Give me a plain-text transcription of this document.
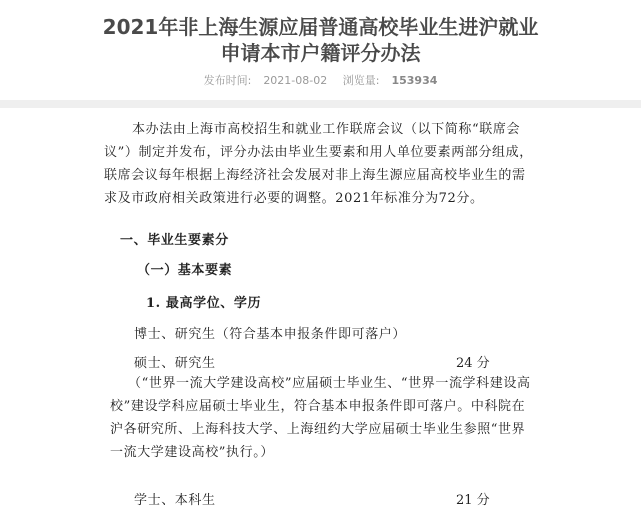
2021年非上海生源应届普通高校毕业生进沪就业
申请本市户籍评分办法
发布时间: 2021-08-02 浏览量: 153934
本办法由上海市高校招生和就业工作联席会议（以下简称“联席会议”）制定并发布，评分办法由毕业生要素和用人单位要素两部分组成，联席会议每年根据上海经济社会发展对非上海生源应届高校毕业生的需求及市政府相关政策进行必要的调整。2021年标准分为72分。
一、毕业生要素分
（一）基本要素
1. 最高学位、学历
博士、研究生（符合基本申报条件即可落户）
硕士、研究生	24 分
（“世界一流大学建设高校”应届硕士毕业生、“世界一流学科建设高校”建设学科应届硕士毕业生，符合基本申报条件即可落户。中科院在沪各研究所、上海科技大学、上海纽约大学应届硕士毕业生参照“世界一流大学建设高校”执行。）
学士、本科生	21 分
